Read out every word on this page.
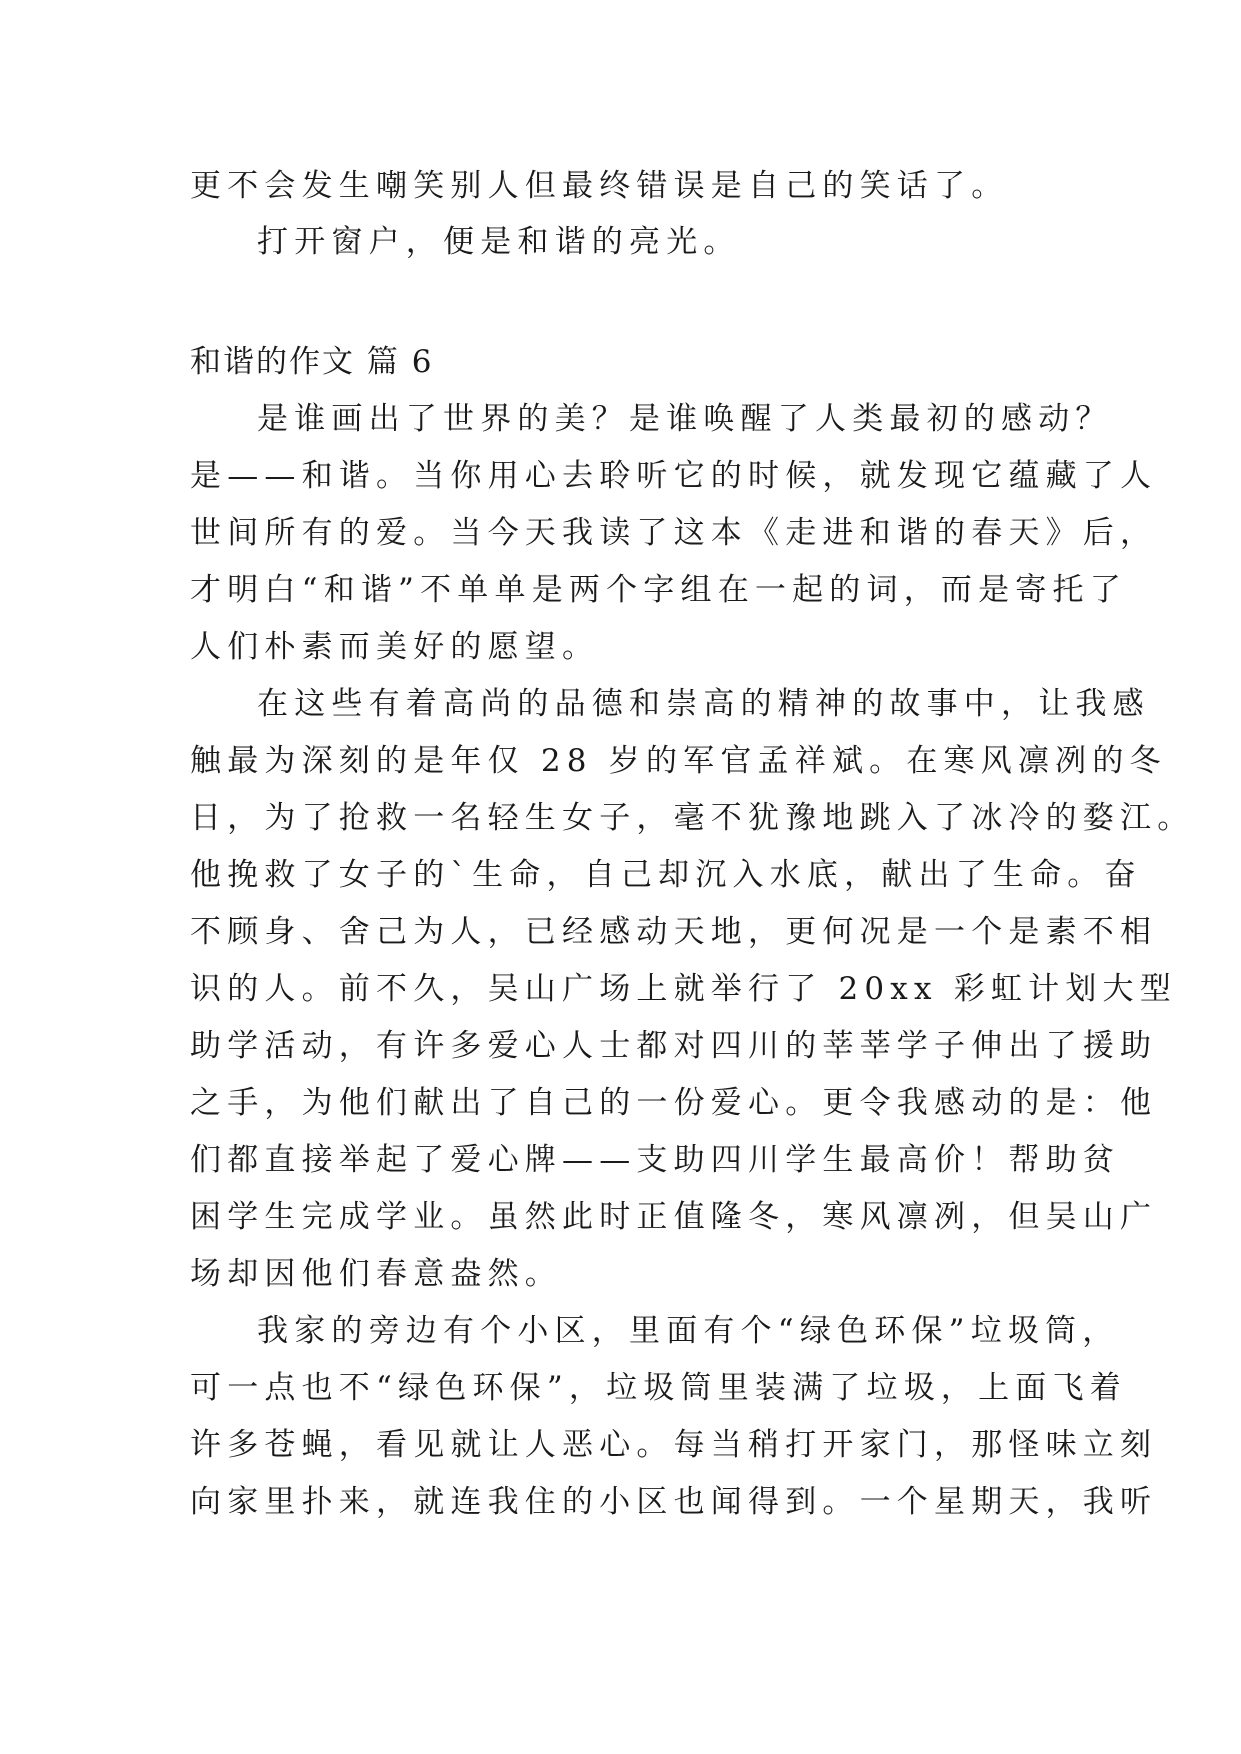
更不会发生嘲笑别人但最终错误是自己的笑话了。
打开窗户，便是和谐的亮光。
和谐的作文 篇 6
是谁画出了世界的美？是谁唤醒了人类最初的感动？
是——和谐。当你用心去聆听它的时候，就发现它蕴藏了人
世间所有的爱。当今天我读了这本《走进和谐的春天》后，
才明白“和谐”不单单是两个字组在一起的词，而是寄托了
人们朴素而美好的愿望。
在这些有着高尚的品德和崇高的精神的故事中，让我感
触最为深刻的是年仅 28 岁的军官孟祥斌。在寒风凛冽的冬
日，为了抢救一名轻生女子，毫不犹豫地跳入了冰冷的婺江。
他挽救了女子的`生命，自己却沉入水底，献出了生命。奋
不顾身、舍己为人，已经感动天地，更何况是一个是素不相
识的人。前不久，吴山广场上就举行了 20xx 彩虹计划大型
助学活动，有许多爱心人士都对四川的莘莘学子伸出了援助
之手，为他们献出了自己的一份爱心。更令我感动的是：他
们都直接举起了爱心牌——支助四川学生最高价！帮助贫
困学生完成学业。虽然此时正值隆冬，寒风凛冽，但吴山广
场却因他们春意盎然。
我家的旁边有个小区，里面有个“绿色环保”垃圾筒，
可一点也不“绿色环保”，垃圾筒里装满了垃圾，上面飞着
许多苍蝇，看见就让人恶心。每当稍打开家门，那怪味立刻
向家里扑来，就连我住的小区也闻得到。一个星期天，我听
